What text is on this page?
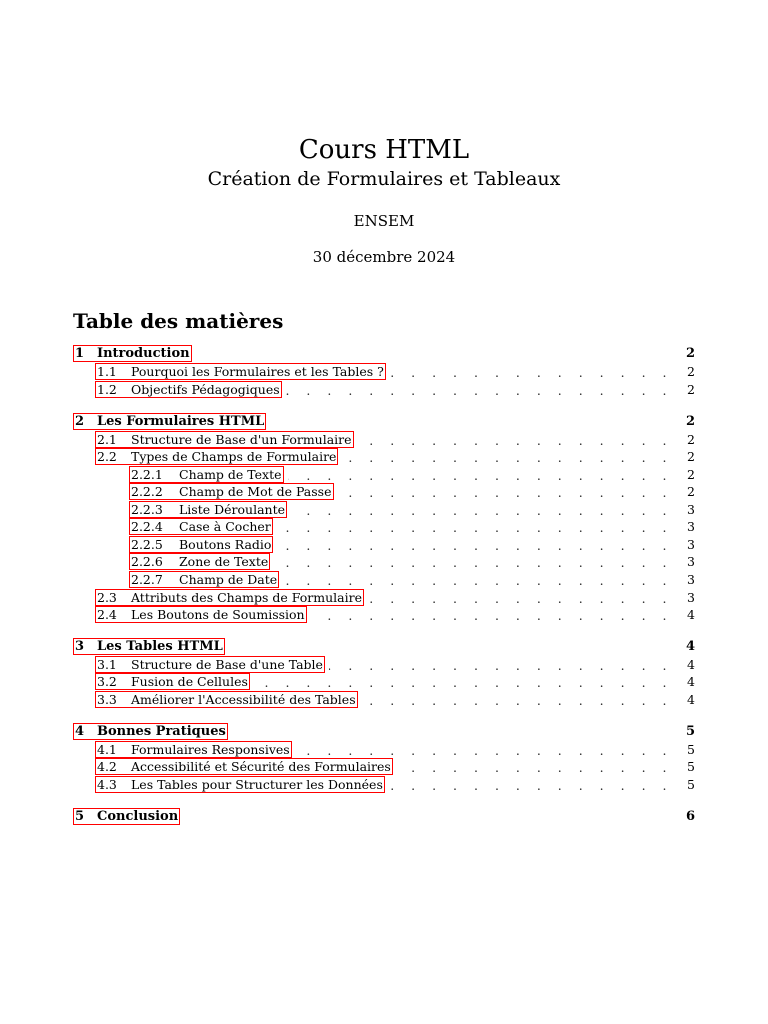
Cours HTML
Création de Formulaires et Tableaux
ENSEM
30 décembre 2024
Table des matières
1 Introduction	2
1.1	Pourquoi les Formulaires et les Tables ? . . .	2
1.2	Objectifs Pédagogiques . . .	2
2 Les Formulaires HTML	2
2.1	Structure de Base d'un Formulaire . . .	2
2.2	Types de Champs de Formulaire . . .	2
2.2.1	Champ de Texte . . .	2
2.2.2	Champ de Mot de Passe . . .	2
2.2.3	Liste Déroulante . . .	3
2.2.4	Case à Cocher . . .	3
2.2.5	Boutons Radio . . .	3
2.2.6	Zone de Texte . . .	3
2.2.7	Champ de Date . . .	3
2.3	Attributs des Champs de Formulaire . . .	3
2.4	Les Boutons de Soumission . . .	4
3 Les Tables HTML	4
3.1	Structure de Base d'une Table . . .	4
3.2	Fusion de Cellules . . .	4
3.3	Améliorer l'Accessibilité des Tables . . .	4
4 Bonnes Pratiques	5
4.1	Formulaires Responsives . . .	5
4.2	Accessibilité et Sécurité des Formulaires . . .	5
4.3	Les Tables pour Structurer les Données . . .	5
5 Conclusion	6
